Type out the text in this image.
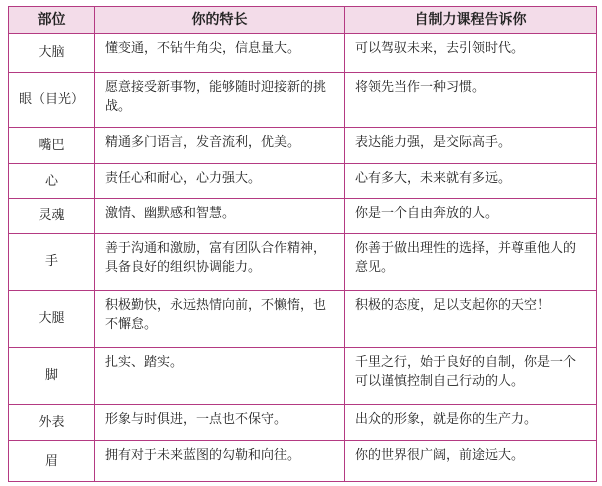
部位	你的特长	自制力课程告诉你
大脑	懂变通，不钻牛角尖，信息量大。	可以驾驭未来，去引领时代。
眼（目光）	愿意接受新事物，能够随时迎接新的挑战。	将领先当作一种习惯。
嘴巴	精通多门语言，发音流利，优美。	表达能力强，是交际高手。
心	责任心和耐心，心力强大。	心有多大，未来就有多远。
灵魂	激情、幽默感和智慧。	你是一个自由奔放的人。
手	善于沟通和激励，富有团队合作精神，具备良好的组织协调能力。	你善于做出理性的选择，并尊重他人的意见。
大腿	积极勤快，永远热情向前，不懒惰，也不懈怠。	积极的态度，足以支起你的天空！
脚	扎实、踏实。	千里之行，始于良好的自制，你是一个可以谨慎控制自己行动的人。
外表	形象与时俱进，一点也不保守。	出众的形象，就是你的生产力。
眉	拥有对于未来蓝图的勾勒和向往。	你的世界很广阔，前途远大。
